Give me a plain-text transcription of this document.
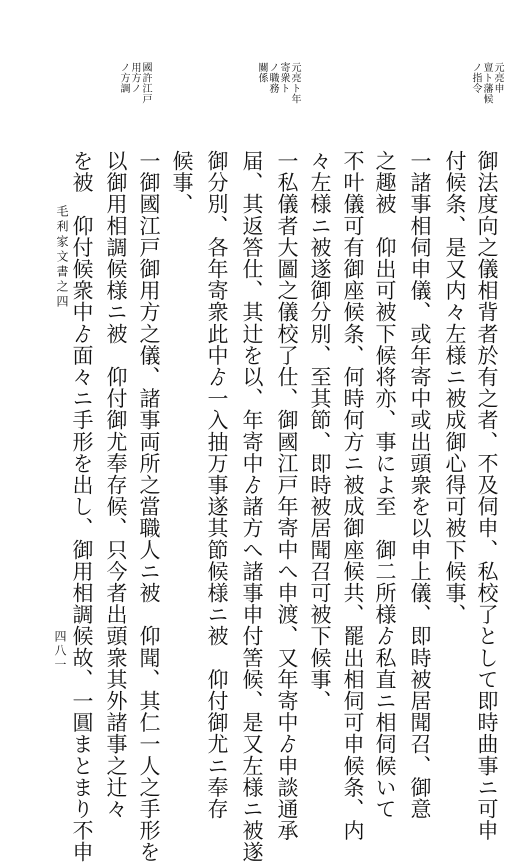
元亮申
亶ト藩候
ノ指令
元亮ト年
寄衆ト
ノ職務
關係
國許江戸
用方ノ
ノ方調
御法度向之儀相背者於有之者、不及伺申、私校了として即時曲事ニ可申
付候条、是又内々左様ニ被成御心得可被下候事、
一諸事相伺申儀、或年寄中或出頭衆を以申上儀、即時被居聞召、御意
之趣被　仰出可被下候将亦、事によ至　御二所様ゟ私直ニ相伺候いて
不叶儀可有御座候条、何時何方ニ被成御座候共、罷出相伺可申候条、内
々左様ニ被遂御分別、至其節、即時被居聞召可被下候事、
一私儀者大圖之儀校了仕、御國江戸年寄中へ申渡、又年寄中ゟ申談通承
届、其返答仕、其辻を以、年寄中ゟ諸方へ諸事申付筈候、是又左様ニ被遂
御分別、各年寄衆此中ゟ一入抽万事遂其節候様ニ被　仰付御尤ニ奉存
候事、
一御國江戸御用方之儀、諸事両所之當職人ニ被　仰聞、其仁一人之手形を
以御用相調候様ニ被　仰付御尤奉存候、只今者出頭衆其外諸事之辻々
を被　仰付候衆中ゟ面々ニ手形を出し、御用相調候故、一圓まとまり不申
毛利家文書之四
四八一
